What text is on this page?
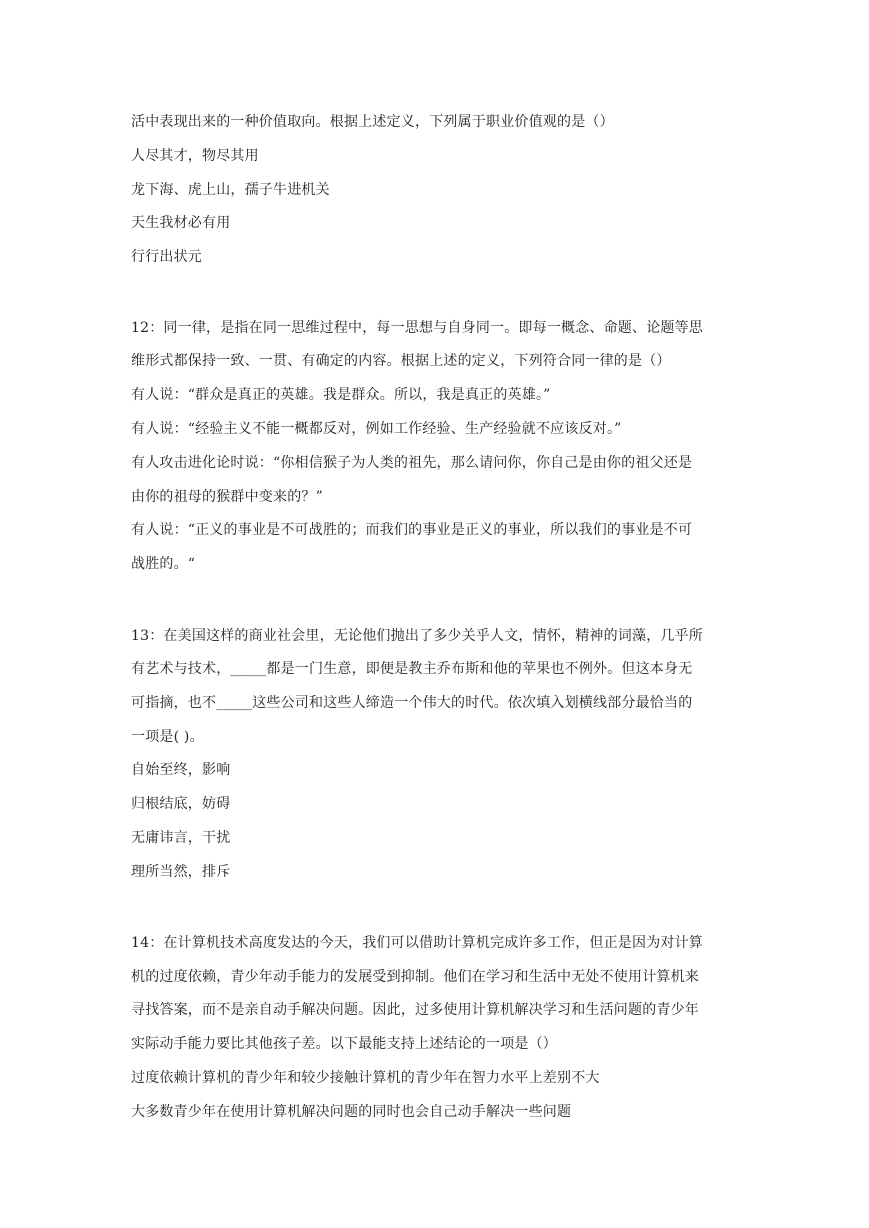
活中表现出来的一种价值取向。根据上述定义，下列属于职业价值观的是（）
人尽其才，物尽其用
龙下海、虎上山，孺子牛进机关
天生我材必有用
行行出状元
12：同一律，是指在同一思维过程中，每一思想与自身同一。即每一概念、命题、论题等思
维形式都保持一致、一贯、有确定的内容。根据上述的定义，下列符合同一律的是（）
有人说：“群众是真正的英雄。我是群众。所以，我是真正的英雄。”
有人说：“经验主义不能一概都反对，例如工作经验、生产经验就不应该反对。”
有人攻击进化论时说：“你相信猴子为人类的祖先，那么请问你，你自己是由你的祖父还是
由你的祖母的猴群中变来的？”
有人说：“正义的事业是不可战胜的；而我们的事业是正义的事业，所以我们的事业是不可
战胜的。“
13：在美国这样的商业社会里，无论他们抛出了多少关乎人文，情怀，精神的词藻，几乎所
有艺术与技术，_____都是一门生意，即便是教主乔布斯和他的苹果也不例外。但这本身无
可指摘，也不_____这些公司和这些人缔造一个伟大的时代。依次填入划横线部分最恰当的
一项是( )。
自始至终，影响
归根结底，妨碍
无庸讳言，干扰
理所当然，排斥
14：在计算机技术高度发达的今天，我们可以借助计算机完成许多工作，但正是因为对计算
机的过度依赖，青少年动手能力的发展受到抑制。他们在学习和生活中无处不使用计算机来
寻找答案，而不是亲自动手解决问题。因此，过多使用计算机解决学习和生活问题的青少年
实际动手能力要比其他孩子差。以下最能支持上述结论的一项是（）
过度依赖计算机的青少年和较少接触计算机的青少年在智力水平上差别不大
大多数青少年在使用计算机解决问题的同时也会自己动手解决一些问题
